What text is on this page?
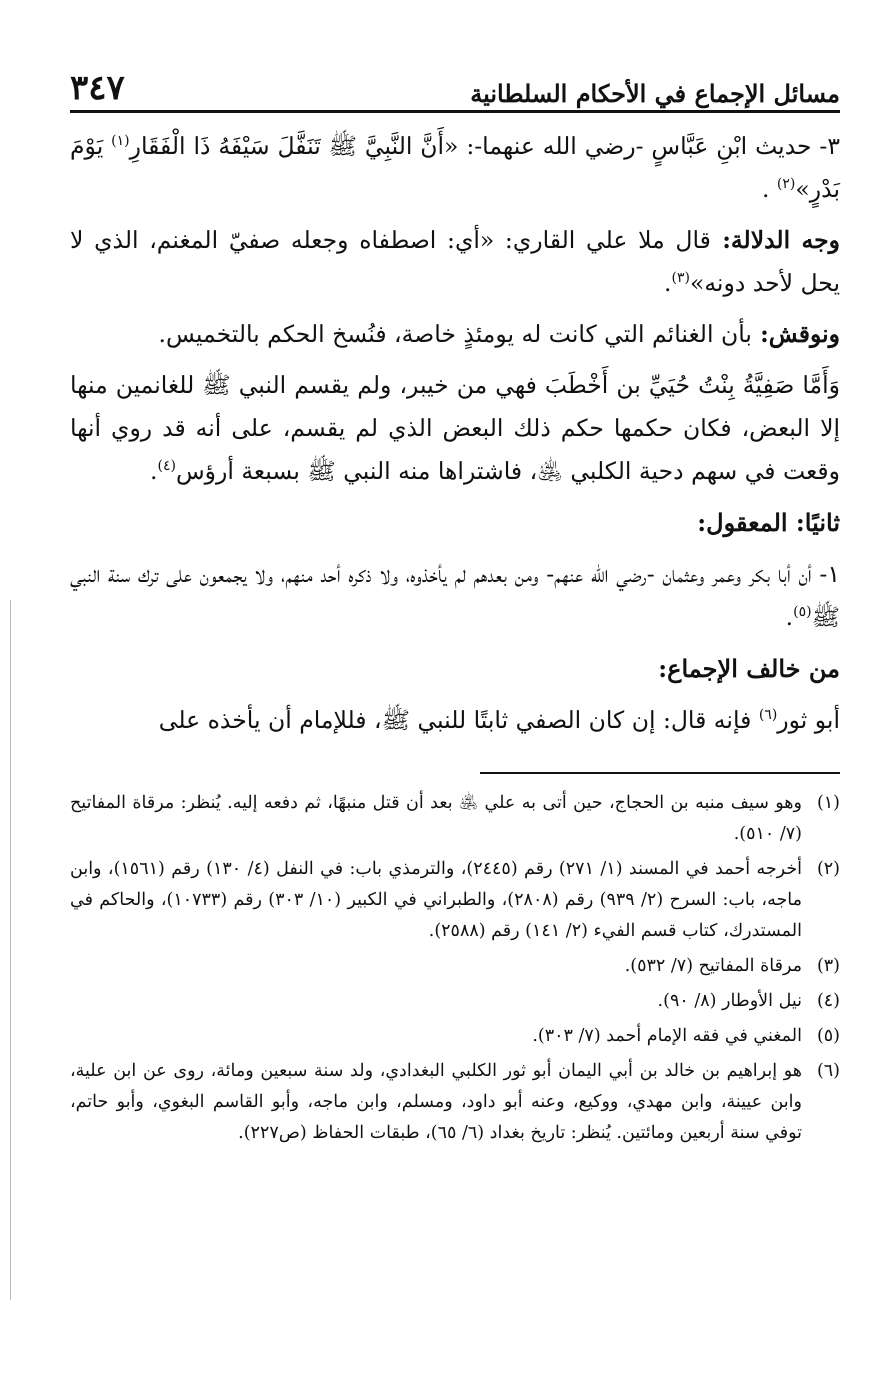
مسائل الإجماع في الأحكام السلطانية
٣٤٧

٣- حديث ابْنِ عَبَّاسٍ -رضي الله عنهما-: «أَنَّ النَّبِيَّ ﷺ تَنَفَّلَ سَيْفَهُ ذَا الْفَقَارِ$^{(١)}$ يَوْمَ بَدْرٍ»$^{(٢)}$ .

وجه الدلالة: قال ملا علي القاري: «أي: اصطفاه وجعله صفيّ المغنم، الذي لا يحل لأحد دونه»$^{(٣)}$.

ونوقش: بأن الغنائم التي كانت له يومئذٍ خاصة، فنُسخ الحكم بالتخميس.

وَأَمَّا صَفِيَّةُ بِنْتُ حُيَيِّ بن أَخْطَبَ فهي من خيبر، ولم يقسم النبي ﷺ للغانمين منها إلا البعض، فكان حكمها حكم ذلك البعض الذي لم يقسم، على أنه قد روي أنها وقعت في سهم دحية الكلبي ﵁، فاشتراها منه النبي ﷺ بسبعة أرؤس$^{(٤)}$.

ثانيًا: المعقول:

١- أن أبا بكر وعمر وعثمان -رضي الله عنهم- ومن بعدهم لم يأخذوه، ولا ذكره أحد منهم، ولا يجمعون على ترك سنة النبي ﷺ$^{(٥)}$.

من خالف الإجماع:

أبو ثور$^{(٦)}$ فإنه قال: إن كان الصفي ثابتًا للنبي ﷺ، فللإمام أن يأخذه على

(١)
وهو سيف منبه بن الحجاج، حين أتى به علي ﵁ بعد أن قتل منبهًا، ثم دفعه إليه. يُنظر: مرقاة المفاتيح (٧/ ٥١٠).
(٢)
أخرجه أحمد في المسند (١/ ٢٧١) رقم (٢٤٤٥)، والترمذي باب: في النفل (٤/ ١٣٠) رقم (١٥٦١)، وابن ماجه، باب: السرح (٢/ ٩٣٩) رقم (٢٨٠٨)، والطبراني في الكبير (١٠/ ٣٠٣) رقم (١٠٧٣٣)، والحاكم في المستدرك، كتاب قسم الفيء (٢/ ١٤١) رقم (٢٥٨٨).
(٣)
مرقاة المفاتيح (٧/ ٥٣٢).
(٤)
نيل الأوطار (٨/ ٩٠).
(٥)
المغني في فقه الإمام أحمد (٧/ ٣٠٣).
(٦)
هو إبراهيم بن خالد بن أبي اليمان أبو ثور الكلبي البغدادي، ولد سنة سبعين ومائة، روى عن ابن علية، وابن عيينة، وابن مهدي، ووكيع، وعنه أبو داود، ومسلم، وابن ماجه، وأبو القاسم البغوي، وأبو حاتم، توفي سنة أربعين ومائتين. يُنظر: تاريخ بغداد (٦/ ٦٥)، طبقات الحفاظ (ص٢٢٧).
